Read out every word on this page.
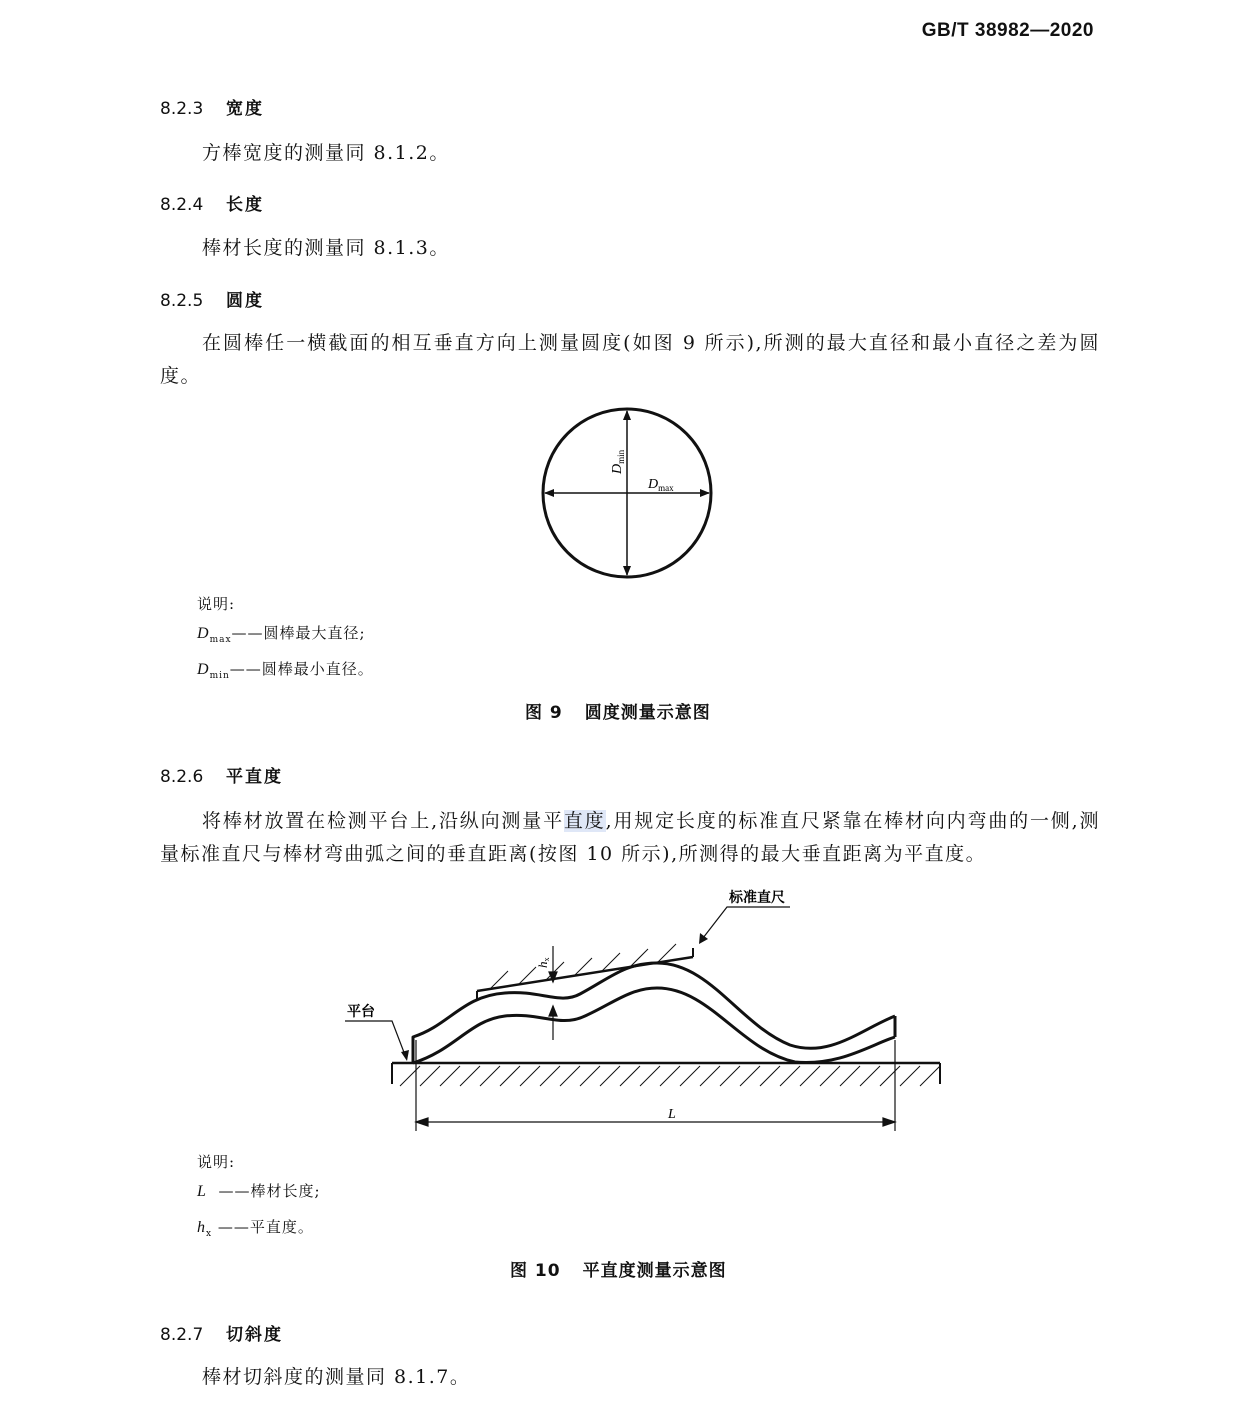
GB/T 38982—2020
8.2.3 宽度

方棒宽度的测量同 8.1.2。

8.2.4 长度

棒材长度的测量同 8.1.3。

8.2.5 圆度

在圆棒任一横截面的相互垂直方向上测量圆度(如图 9 所示),所测的最大直径和最小直径之差为圆度。

$D_{max}$
$D_{min}$
说明:
$D_{max}——$圆棒最大直径;
$D_{min}——$圆棒最小直径。
图 9 圆度测量示意图
8.2.6 平直度

将棒材放置在检测平台上,沿纵向测量平直度,用规定长度的标准直尺紧靠在棒材向内弯曲的一侧,测量标准直尺与棒材弯曲弧之间的垂直距离(按图 10 所示),所测得的最大垂直距离为平直度。

hx
标准直尺
平台
L
说明:
L ——棒材长度;
$h_x$ ——平直度。
图 10 平直度测量示意图
8.2.7 切斜度

棒材切斜度的测量同 8.1.7。
